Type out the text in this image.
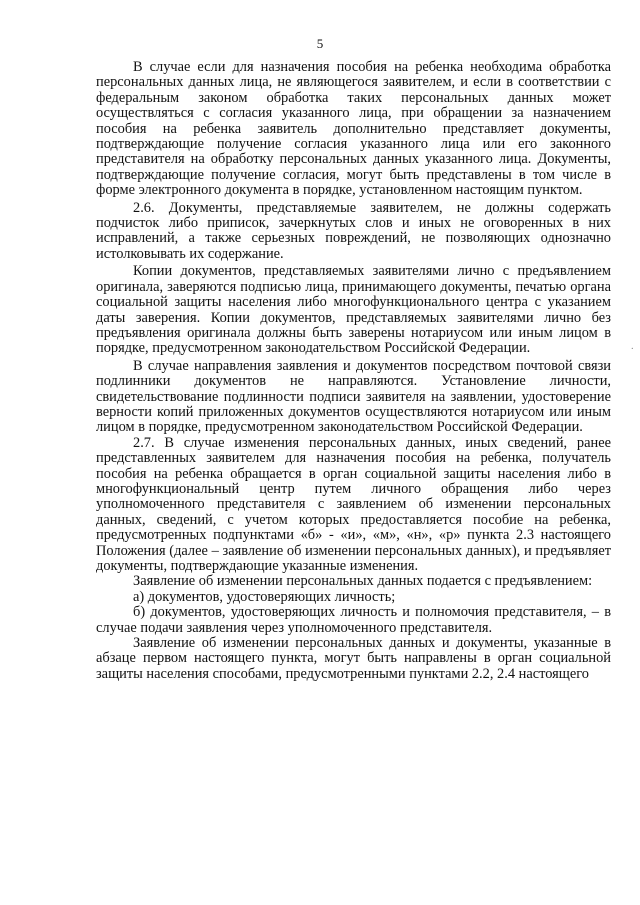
5

В случае если для назначения пособия на ребенка необходима обработка персональных данных лица, не являющегося заявителем, и если в соответствии с федеральным законом обработка таких персональных данных может осуществляться с согласия указанного лица, при обращении за назначением пособия на ребенка заявитель дополнительно представляет документы, подтверждающие получение согласия указанного лица или его законного представителя на обработку персональных данных указанного лица. Документы, подтверждающие получение согласия, могут быть представлены в том числе в форме электронного документа в порядке, установленном настоящим пунктом.

2.6. Документы, представляемые заявителем, не должны содержать подчисток либо приписок, зачеркнутых слов и иных не оговоренных в них исправлений, а также серьезных повреждений, не позволяющих однозначно истолковывать их содержание.

Копии документов, представляемых заявителями лично с предъявлением оригинала, заверяются подписью лица, принимающего документы, печатью органа социальной защиты населения либо многофункционального центра с указанием даты заверения. Копии документов, представляемых заявителями лично без предъявления оригинала должны быть заверены нотариусом или иным лицом в порядке, предусмотренном законодательством Российской Федерации.

В случае направления заявления и документов посредством почтовой связи подлинники документов не направляются. Установление личности, свидетельствование подлинности подписи заявителя на заявлении, удостоверение верности копий приложенных документов осуществляются нотариусом или иным лицом в порядке, предусмотренном законодательством Российской Федерации.

2.7. В случае изменения персональных данных, иных сведений, ранее представленных заявителем для назначения пособия на ребенка, получатель пособия на ребенка обращается в орган социальной защиты населения либо в многофункциональный центр путем личного обращения либо через уполномоченного представителя с заявлением об изменении персональных данных, сведений, с учетом которых предоставляется пособие на ребенка, предусмотренных подпунктами «б» - «и», «м», «н», «р» пункта 2.3 настоящего Положения (далее – заявление об изменении персональных данных), и предъявляет документы, подтверждающие указанные изменения.

Заявление об изменении персональных данных подается с предъявлением:

а) документов, удостоверяющих личность;

б) документов, удостоверяющих личность и полномочия представителя, – в случае подачи заявления через уполномоченного представителя.

Заявление об изменении персональных данных и документы, указанные в абзаце первом настоящего пункта, могут быть направлены в орган социальной защиты населения способами, предусмотренными пунктами 2.2, 2.4 настоящего

·
